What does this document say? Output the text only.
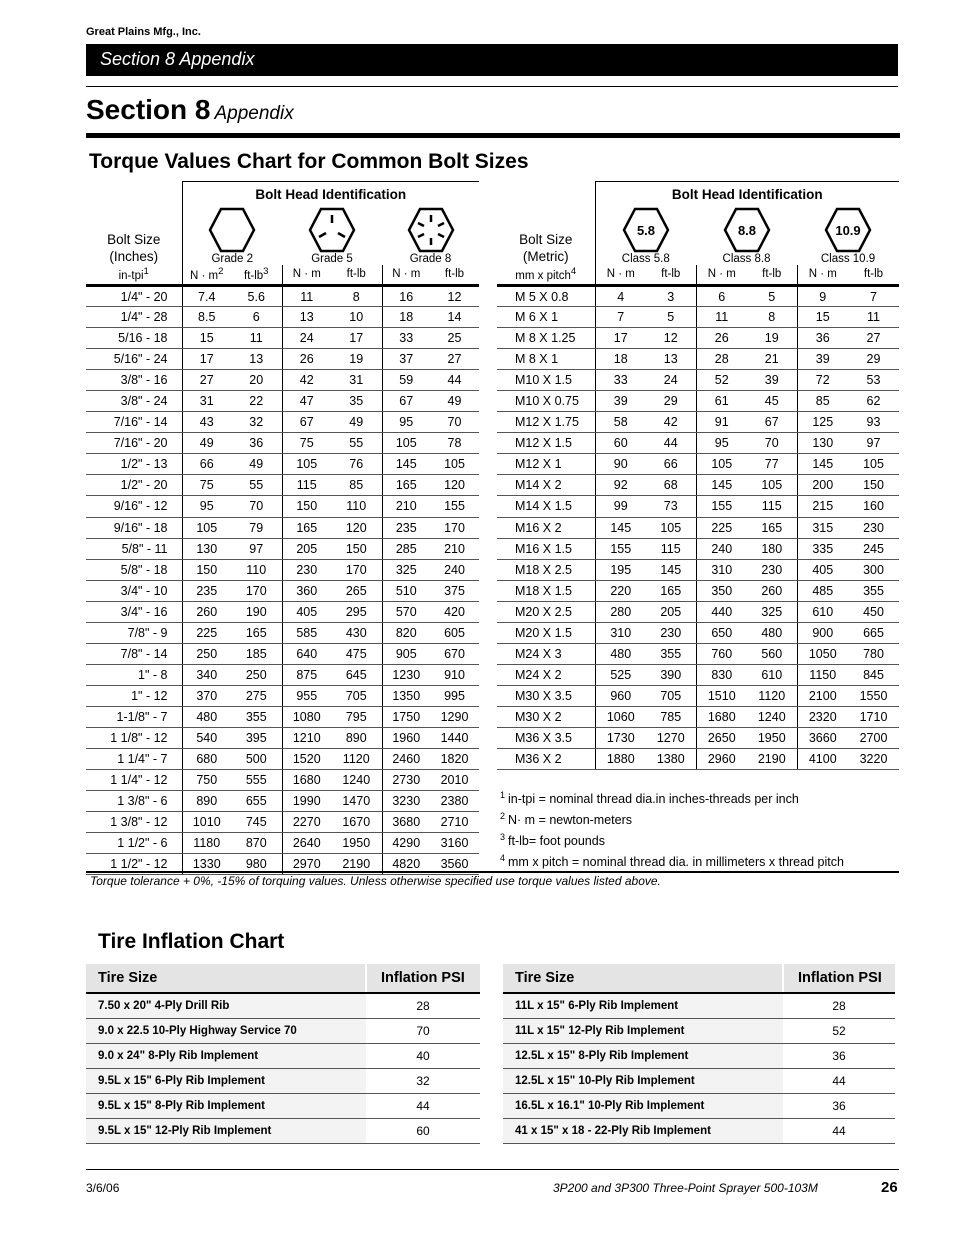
Great Plains Mfg., Inc.
Section 8 Appendix
Section 8 Appendix
Torque Values Chart for Common Bolt Sizes
	Bolt Head Identification					
Bolt Size
(Inches)	Grade 2		Grade 5		Grade 8	

in-tpi$^1$	$N \cdot m^2$	$ft-lb^3$	N · m	ft-lb	N · m	ft-lb
1/4" - 20	7.4	5.6	11	8	16	12
1/4" - 28	8.5	6	13	10	18	14
5/16 - 18	15	11	24	17	33	25
5/16" - 24	17	13	26	19	37	27
3/8" - 16	27	20	42	31	59	44
3/8" - 24	31	22	47	35	67	49
7/16" - 14	43	32	67	49	95	70
7/16" - 20	49	36	75	55	105	78
1/2" - 13	66	49	105	76	145	105
1/2" - 20	75	55	115	85	165	120
9/16" - 12	95	70	150	110	210	155
9/16" - 18	105	79	165	120	235	170
5/8" - 11	130	97	205	150	285	210
5/8" - 18	150	110	230	170	325	240
3/4" - 10	235	170	360	265	510	375
3/4" - 16	260	190	405	295	570	420
7/8" - 9	225	165	585	430	820	605
7/8" - 14	250	185	640	475	905	670
1" - 8	340	250	875	645	1230	910
1" - 12	370	275	955	705	1350	995
1-1/8" - 7	480	355	1080	795	1750	1290
1 1/8" - 12	540	395	1210	890	1960	1440
1 1/4" - 7	680	500	1520	1120	2460	1820
1 1/4" - 12	750	555	1680	1240	2730	2010
1 3/8" - 6	890	655	1990	1470	3230	2380
1 3/8" - 12	1010	745	2270	1670	3680	2710
1 1/2" - 6	1180	870	2640	1950	4290	3160
1 1/2" - 12	1330	980	2970	2190	4820	3560
	Bolt Head Identification					
Bolt Size
(Metric)	5.8
Class 5.8		8.8
Class 8.8		10.9
Class 10.9	

mm x pitch$^4$	N · m	ft-lb	N · m	ft-lb	N · m	ft-lb
M 5 X 0.8	4	3	6	5	9	7
M 6 X 1	7	5	11	8	15	11
M 8 X 1.25	17	12	26	19	36	27
M 8 X 1	18	13	28	21	39	29
M10 X 1.5	33	24	52	39	72	53
M10 X 0.75	39	29	61	45	85	62
M12 X 1.75	58	42	91	67	125	93
M12 X 1.5	60	44	95	70	130	97
M12 X 1	90	66	105	77	145	105
M14 X 2	92	68	145	105	200	150
M14 X 1.5	99	73	155	115	215	160
M16 X 2	145	105	225	165	315	230
M16 X 1.5	155	115	240	180	335	245
M18 X 2.5	195	145	310	230	405	300
M18 X 1.5	220	165	350	260	485	355
M20 X 2.5	280	205	440	325	610	450
M20 X 1.5	310	230	650	480	900	665
M24 X 3	480	355	760	560	1050	780
M24 X 2	525	390	830	610	1150	845
M30 X 3.5	960	705	1510	1120	2100	1550
M30 X 2	1060	785	1680	1240	2320	1710
M36 X 3.5	1730	1270	2650	1950	3660	2700
M36 X 2	1880	1380	2960	2190	4100	3220
$^1$ in-tpi = nominal thread dia.in inches-threads per inch
$^2$ N· m = newton-meters
$^3$ ft-lb= foot pounds
$^4$ mm x pitch = nominal thread dia. in millimeters x thread pitch
Torque tolerance + 0%, -15% of torquing values. Unless otherwise specified use torque values listed above.
Tire Inflation Chart
Tire Size	Inflation PSI
7.50 x 20" 4-Ply Drill Rib	28
9.0 x 22.5 10-Ply Highway Service 70	70
9.0 x 24" 8-Ply Rib Implement	40
9.5L x 15" 6-Ply Rib Implement	32
9.5L x 15" 8-Ply Rib Implement	44
9.5L x 15" 12-Ply Rib Implement	60
Tire Size	Inflation PSI
11L x 15" 6-Ply Rib Implement	28
11L x 15" 12-Ply Rib Implement	52
12.5L x 15" 8-Ply Rib Implement	36
12.5L x 15" 10-Ply Rib Implement	44
16.5L x 16.1" 10-Ply Rib Implement	36
41 x 15" x 18 - 22-Ply Rib Implement	44
3/6/06	3P200 and 3P300 Three-Point Sprayer 500-103M	26
